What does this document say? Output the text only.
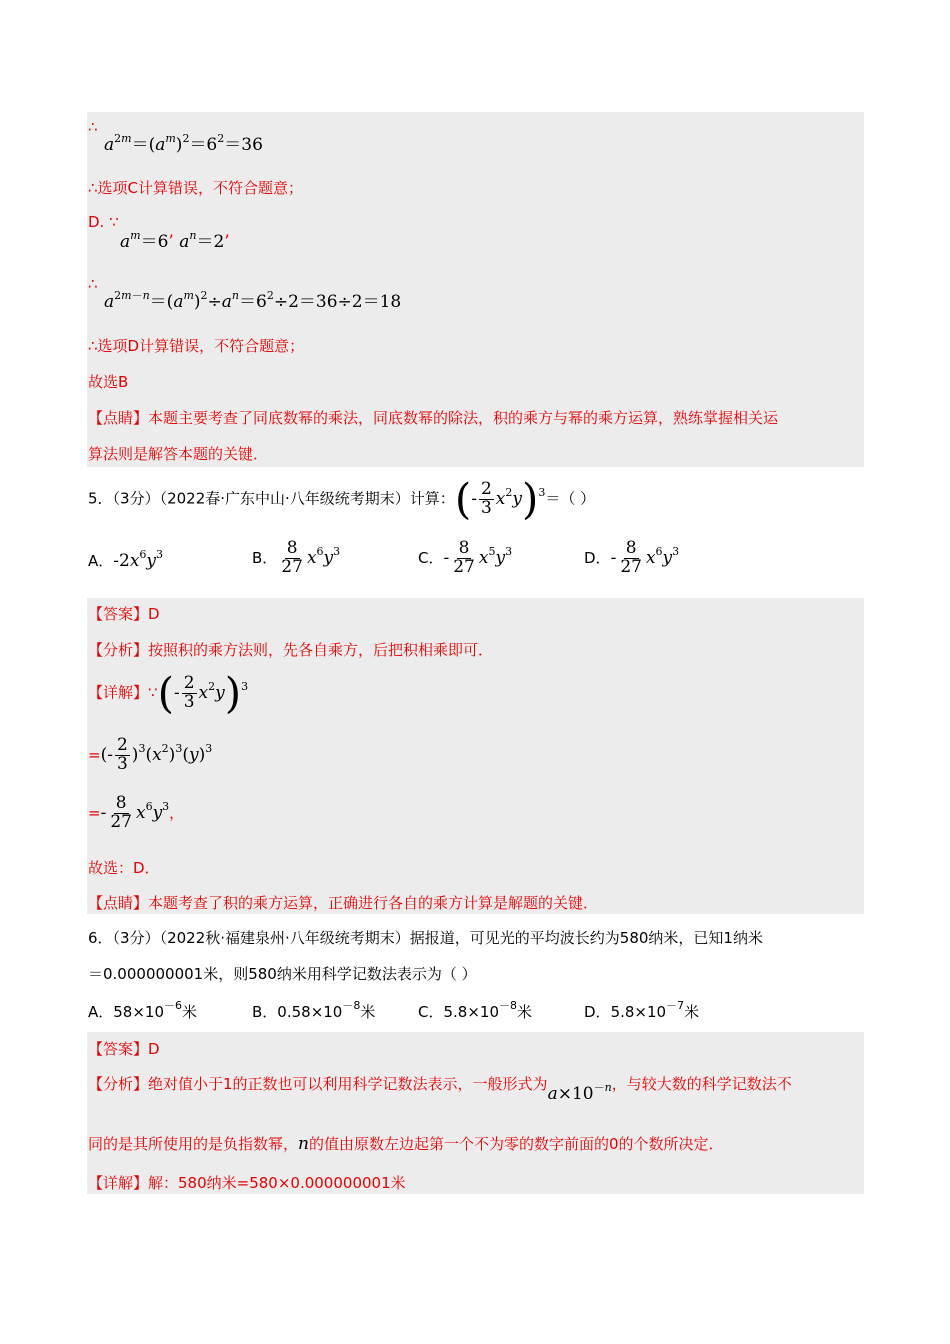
∴
$a^{2m}=(a^m)^2=6^2=36$
∴选项C计算错误，不符合题意；
D. ∵
$a^m=6$’ $a^n=2$’
∴
$a^{2m-n}=(a^m)^2\div a^n=6^2\div 2=36\div 2=18$
∴选项D计算错误，不符合题意；
故选B
【点睛】本题主要考查了同底数幂的乘法，同底数幂的除法，积的乘方与幂的乘方运算，熟练掌握相关运
算法则是解答本题的关键．
5．（3分）（2022春·广东中山·八年级统考期末）计算：(- $\frac{2}{3} x^2y)^3=$（ ）
A．$-2x^6y^3$	B． $\frac{8}{27} x^6y^3$	C．- $\frac{8}{27} x^5y^3$	D．- $\frac{8}{27} x^6y^3$
【答案】D
【分析】按照积的乘方法则，先各自乘方，后把积相乘即可．
【详解】∵(- $\frac{2}{3} x^2y)^3$
=(- $\frac{2}{3} )^3(x^2)^3(y)^3$
=- $\frac{8}{27} x^6y^3$，
故选：D．
【点睛】本题考查了积的乘方运算，正确进行各自的乘方计算是解题的关键．
6．（3分）（2022秋·福建泉州·八年级统考期末）据报道，可见光的平均波长约为580纳米，已知1纳米
＝0.000000001米，则580纳米用科学记数法表示为（ ）
A．$58\times 10^{-6}$米	B．$0.58\times 10^{-8}$米	C．$5.8\times 10^{-8}$米	D．$5.8\times 10^{-7}$米
【答案】D
【分析】绝对值小于1的正数也可以利用科学记数法表示，一般形式为$a\times 10^{-n}$，与较大数的科学记数法不
同的是其所使用的是负指数幂，n的值由原数左边起第一个不为零的数字前面的0的个数所决定．
【详解】解：580纳米=580×0.000000001米
